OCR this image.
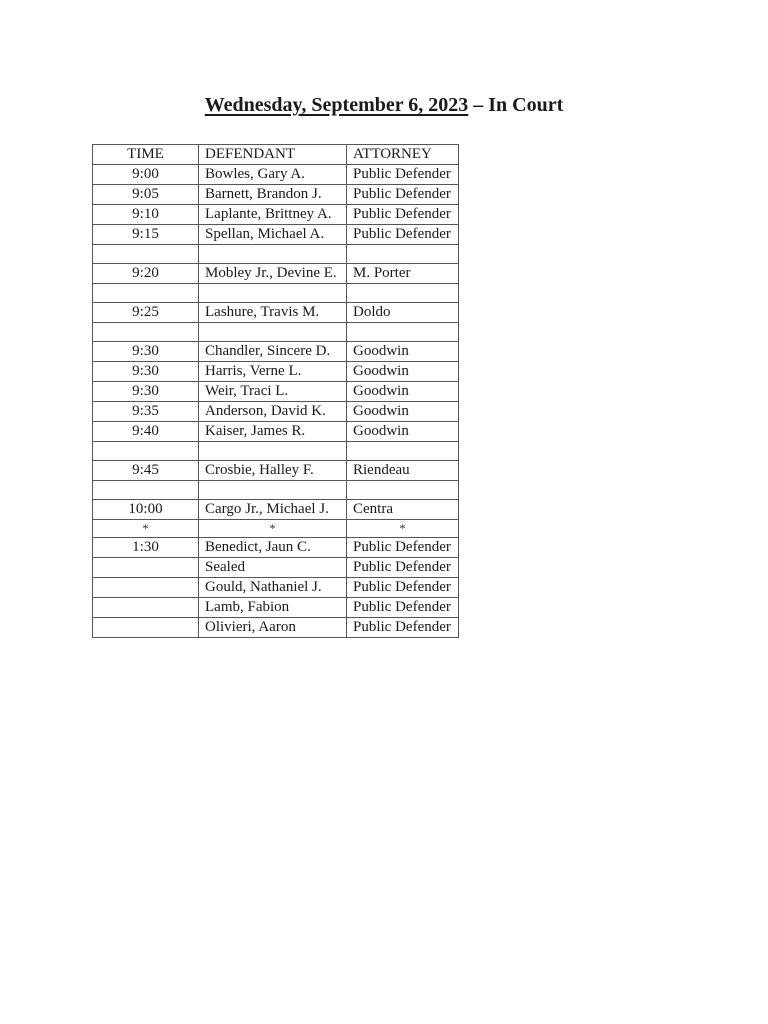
Wednesday, September 6, 2023 – In Court
TIME	DEFENDANT	ATTORNEY
9:00	Bowles, Gary A.	Public Defender
9:05	Barnett, Brandon J.	Public Defender
9:10	Laplante, Brittney A.	Public Defender
9:15	Spellan, Michael A.	Public Defender

9:20	Mobley Jr., Devine E.	M. Porter

9:25	Lashure, Travis M.	Doldo

9:30	Chandler, Sincere D.	Goodwin
9:30	Harris, Verne L.	Goodwin
9:30	Weir, Traci L.	Goodwin
9:35	Anderson, David K.	Goodwin
9:40	Kaiser, James R.	Goodwin

9:45	Crosbie, Halley F.	Riendeau

10:00	Cargo Jr., Michael J.	Centra
*	*	*
1:30	Benedict, Jaun C.	Public Defender
	Sealed	Public Defender
	Gould, Nathaniel J.	Public Defender
	Lamb, Fabion	Public Defender
	Olivieri, Aaron	Public Defender
